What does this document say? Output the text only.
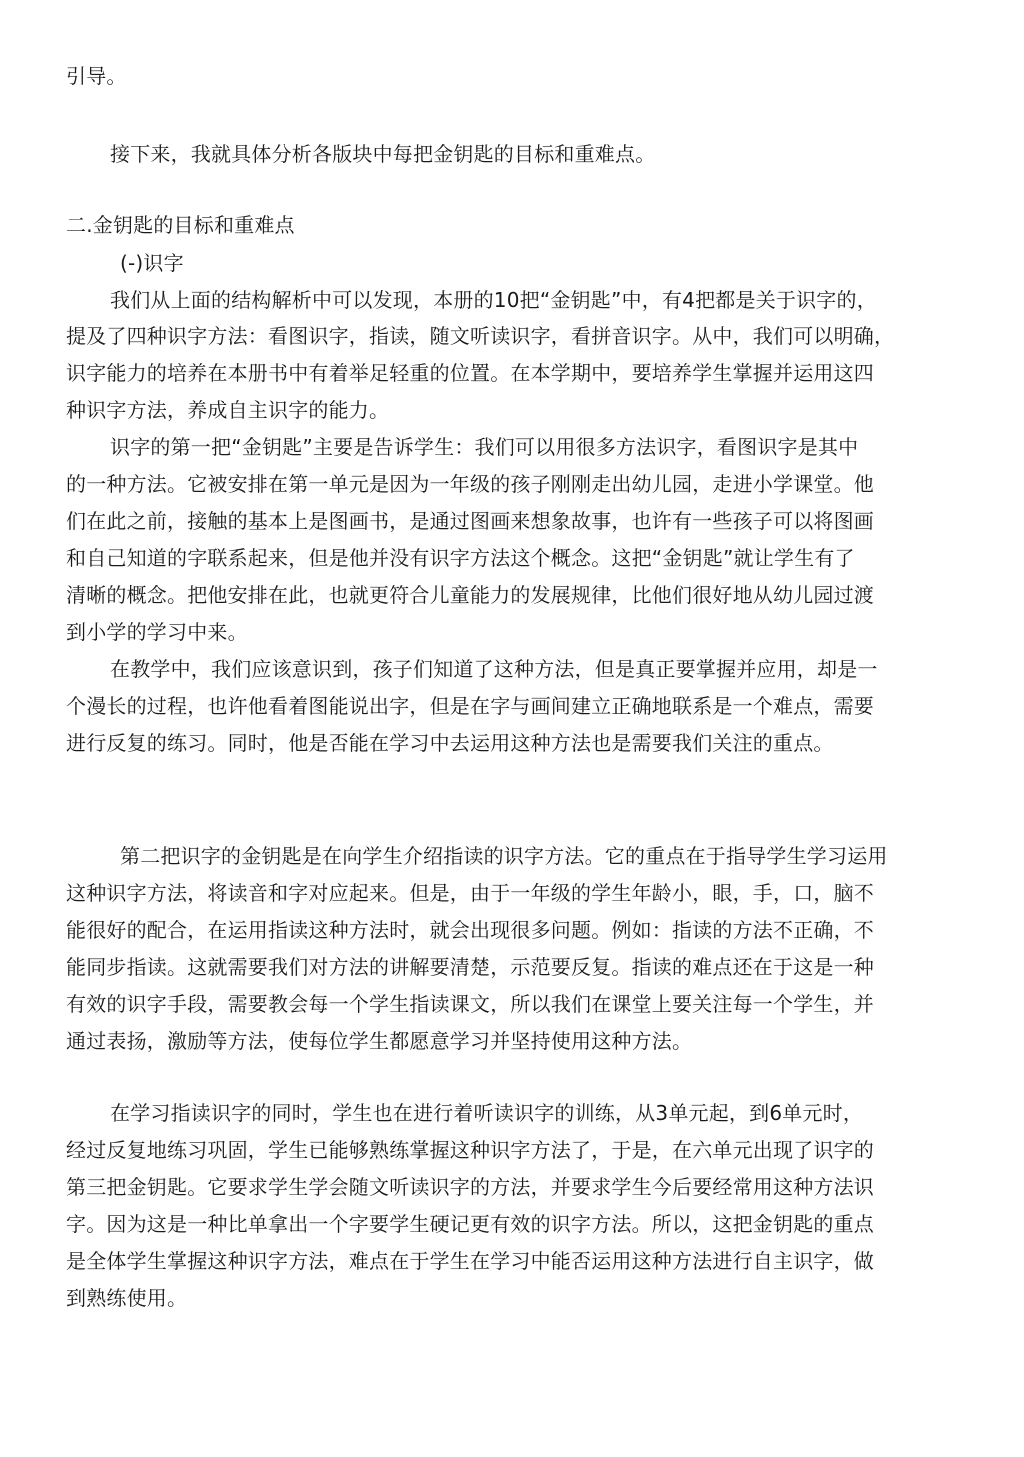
引导。
接下来，我就具体分析各版块中每把金钥匙的目标和重难点。
二.金钥匙的目标和重难点
(-)识字
我们从上面的结构解析中可以发现，本册的10把“金钥匙”中，有4把都是关于识字的，
提及了四种识字方法：看图识字，指读，随文听读识字，看拼音识字。从中，我们可以明确，
识字能力的培养在本册书中有着举足轻重的位置。在本学期中，要培养学生掌握并运用这四
种识字方法，养成自主识字的能力。
识字的第一把“金钥匙”主要是告诉学生：我们可以用很多方法识字，看图识字是其中
的一种方法。它被安排在第一单元是因为一年级的孩子刚刚走出幼儿园，走进小学课堂。他
们在此之前，接触的基本上是图画书，是通过图画来想象故事，也许有一些孩子可以将图画
和自己知道的字联系起来，但是他并没有识字方法这个概念。这把“金钥匙”就让学生有了
清晰的概念。把他安排在此，也就更符合儿童能力的发展规律，比他们很好地从幼儿园过渡
到小学的学习中来。
在教学中，我们应该意识到，孩子们知道了这种方法，但是真正要掌握并应用，却是一
个漫长的过程，也许他看着图能说出字，但是在字与画间建立正确地联系是一个难点，需要
进行反复的练习。同时，他是否能在学习中去运用这种方法也是需要我们关注的重点。
第二把识字的金钥匙是在向学生介绍指读的识字方法。它的重点在于指导学生学习运用
这种识字方法，将读音和字对应起来。但是，由于一年级的学生年龄小，眼，手，口，脑不
能很好的配合，在运用指读这种方法时，就会出现很多问题。例如：指读的方法不正确，不
能同步指读。这就需要我们对方法的讲解要清楚，示范要反复。指读的难点还在于这是一种
有效的识字手段，需要教会每一个学生指读课文，所以我们在课堂上要关注每一个学生，并
通过表扬，激励等方法，使每位学生都愿意学习并坚持使用这种方法。
在学习指读识字的同时，学生也在进行着听读识字的训练，从3单元起，到6单元时，
经过反复地练习巩固，学生已能够熟练掌握这种识字方法了，于是，在六单元出现了识字的
第三把金钥匙。它要求学生学会随文听读识字的方法，并要求学生今后要经常用这种方法识
字。因为这是一种比单拿出一个字要学生硬记更有效的识字方法。所以，这把金钥匙的重点
是全体学生掌握这种识字方法，难点在于学生在学习中能否运用这种方法进行自主识字，做
到熟练使用。
